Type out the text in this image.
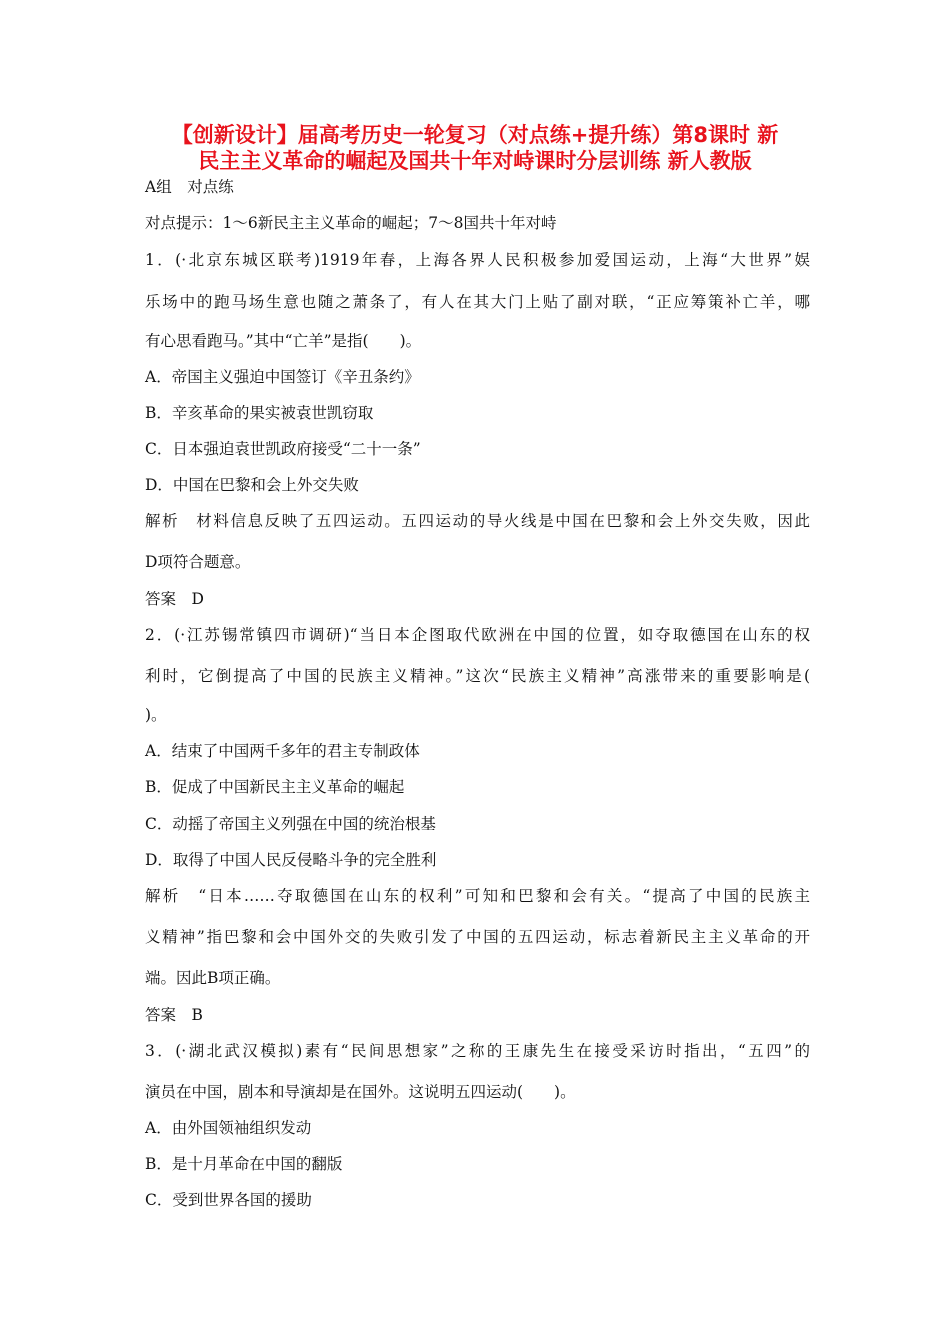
【创新设计】届高考历史一轮复习（对点练+提升练）第8课时 新
民主主义革命的崛起及国共十年对峙课时分层训练 新人教版
A组　对点练
对点提示：1～6新民主主义革命的崛起；7～8国共十年对峙
1．(·北京东城区联考)1919年春，上海各界人民积极参加爱国运动，上海“大世界”娱
乐场中的跑马场生意也随之萧条了，有人在其大门上贴了副对联，“正应筹策补亡羊，哪
有心思看跑马。”其中“亡羊”是指(　　)。
A．帝国主义强迫中国签订《辛丑条约》
B．辛亥革命的果实被袁世凯窃取
C．日本强迫袁世凯政府接受“二十一条”
D．中国在巴黎和会上外交失败
解析　材料信息反映了五四运动。五四运动的导火线是中国在巴黎和会上外交失败，因此
D项符合题意。
答案　D
2．(·江苏锡常镇四市调研)“当日本企图取代欧洲在中国的位置，如夺取德国在山东的权
利时，它倒提高了中国的民族主义精神。”这次“民族主义精神”高涨带来的重要影响是(
)。
A．结束了中国两千多年的君主专制政体
B．促成了中国新民主主义革命的崛起
C．动摇了帝国主义列强在中国的统治根基
D．取得了中国人民反侵略斗争的完全胜利
解析　“日本……夺取德国在山东的权利”可知和巴黎和会有关。“提高了中国的民族主
义精神”指巴黎和会中国外交的失败引发了中国的五四运动，标志着新民主主义革命的开
端。因此B项正确。
答案　B
3．(·湖北武汉模拟)素有“民间思想家”之称的王康先生在接受采访时指出，“五四”的
演员在中国，剧本和导演却是在国外。这说明五四运动(　　)。
A．由外国领袖组织发动
B．是十月革命在中国的翻版
C．受到世界各国的援助
